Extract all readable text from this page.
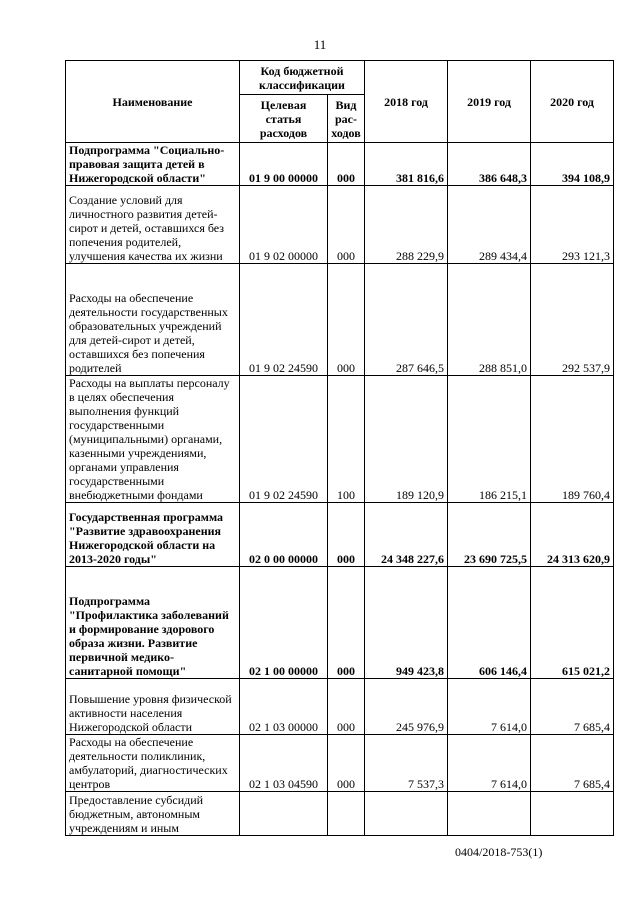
11
Наименование	Код бюджетной классификации		2018 год	2019 год	2020 год
	Целевая статья расходов	Вид рас-ходов			
Подпрограмма "Социально-правовая защита детей в Нижегородской области"	01 9 00 00000	000	381 816,6	386 648,3	394 108,9
Создание условий для личностного развития детей-сирот и детей, оставшихся без попечения родителей, улучшения качества их жизни	01 9 02 00000	000	288 229,9	289 434,4	293 121,3
Расходы на обеспечение деятельности государственных образовательных учреждений для детей-сирот и детей, оставшихся без попечения родителей	01 9 02 24590	000	287 646,5	288 851,0	292 537,9
Расходы на выплаты персоналу в целях обеспечения выполнения функций государственными (муниципальными) органами, казенными учреждениями, органами управления государственными внебюджетными фондами	01 9 02 24590	100	189 120,9	186 215,1	189 760,4
Государственная программа "Развитие здравоохранения Нижегородской области на 2013-2020 годы"	02 0 00 00000	000	24 348 227,6	23 690 725,5	24 313 620,9
Подпрограмма "Профилактика заболеваний и формирование здорового образа жизни. Развитие первичной медико-санитарной помощи"	02 1 00 00000	000	949 423,8	606 146,4	615 021,2
Повышение уровня физической активности населения Нижегородской области	02 1 03 00000	000	245 976,9	7 614,0	7 685,4
Расходы на обеспечение деятельности поликлиник, амбулаторий, диагностических центров	02 1 03 04590	000	7 537,3	7 614,0	7 685,4
Предоставление субсидий бюджетным, автономным учреждениям и иным					
0404/2018-753(1)
